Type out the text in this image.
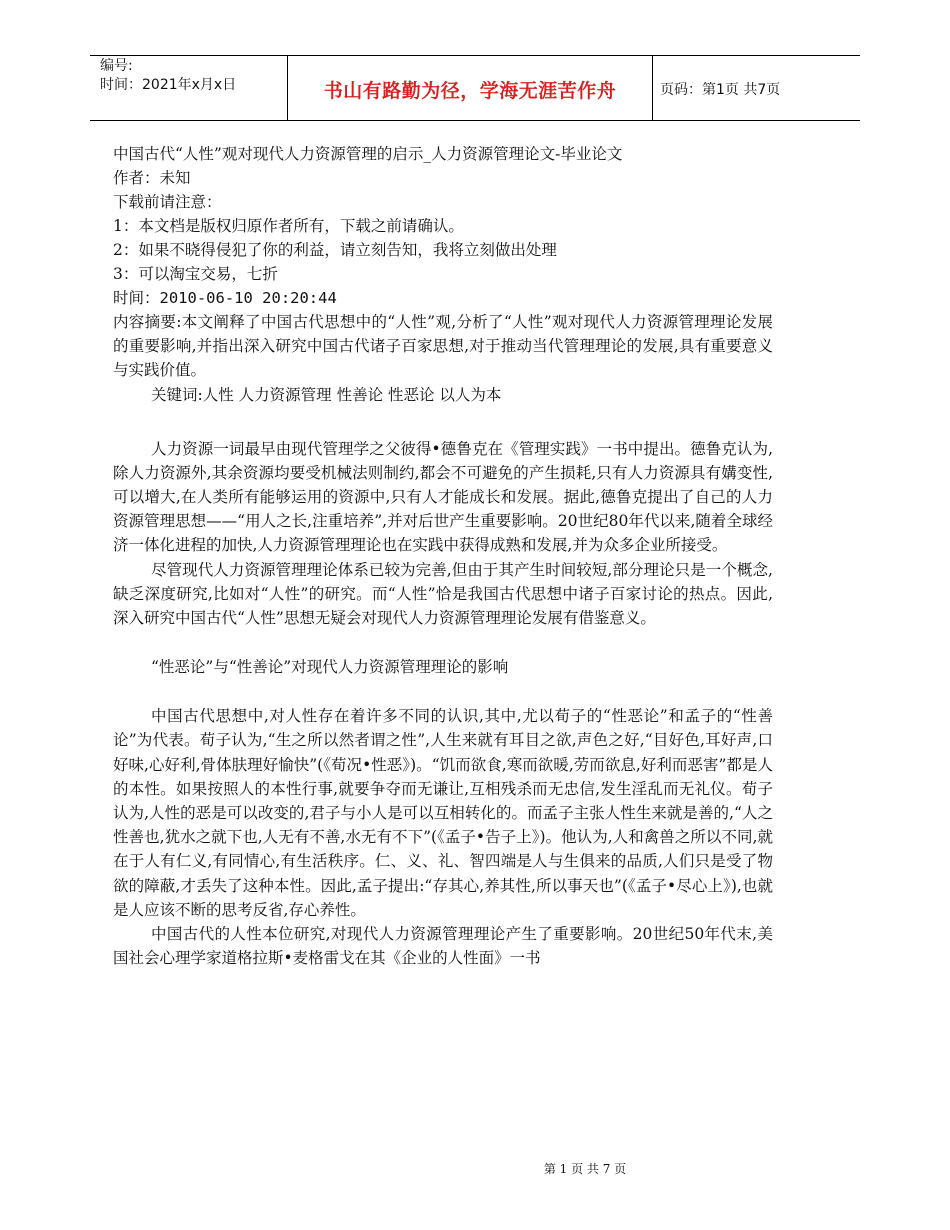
编号:
时间：2021年x月x日	书山有路勤为径，学海无涯苦作舟	页码：第1页 共7页
中国古代“人性”观对现代人力资源管理的启示_人力资源管理论文-毕业论文
作者：未知
下载前请注意：
1：本文档是版权归原作者所有，下载之前请确认。
2：如果不晓得侵犯了你的利益，请立刻告知，我将立刻做出处理
3：可以淘宝交易，七折
时间：2010-06-10 20:20:44

内容摘要:本文阐释了中国古代思想中的“人性”观,分析了“人性”观对现代人力资源管理理论发展的重要影响,并指出深入研究中国古代诸子百家思想,对于推动当代管理理论的发展,具有重要意义与实践价值。

关键词:人性 人力资源管理 性善论 性恶论 以人为本

人力资源一词最早由现代管理学之父彼得•德鲁克在《管理实践》一书中提出。德鲁克认为,除人力资源外,其余资源均要受机械法则制约,都会不可避免的产生损耗,只有人力资源具有媾变性,可以增大,在人类所有能够运用的资源中,只有人才能成长和发展。据此,德鲁克提出了自己的人力资源管理思想——“用人之长,注重培养”,并对后世产生重要影响。20世纪80年代以来,随着全球经济一体化进程的加快,人力资源管理理论也在实践中获得成熟和发展,并为众多企业所接受。

尽管现代人力资源管理理论体系已较为完善,但由于其产生时间较短,部分理论只是一个概念,缺乏深度研究,比如对“人性”的研究。而“人性”恰是我国古代思想中诸子百家讨论的热点。因此,深入研究中国古代“人性”思想无疑会对现代人力资源管理理论发展有借鉴意义。

“性恶论”与“性善论”对现代人力资源管理理论的影响

中国古代思想中,对人性存在着许多不同的认识,其中,尤以荀子的“性恶论”和孟子的“性善论”为代表。荀子认为,“生之所以然者谓之性”,人生来就有耳目之欲,声色之好,“目好色,耳好声,口好味,心好利,骨体肤理好愉快”(《荀况•性恶》)。“饥而欲食,寒而欲暖,劳而欲息,好利而恶害”都是人的本性。如果按照人的本性行事,就要争夺而无谦让,互相残杀而无忠信,发生淫乱而无礼仪。荀子认为,人性的恶是可以改变的,君子与小人是可以互相转化的。而孟子主张人性生来就是善的,“人之性善也,犹水之就下也,人无有不善,水无有不下”(《孟子•告子上》)。他认为,人和禽兽之所以不同,就在于人有仁义,有同情心,有生活秩序。仁、义、礼、智四端是人与生俱来的品质,人们只是受了物欲的障蔽,才丢失了这种本性。因此,孟子提出:“存其心,养其性,所以事天也”(《孟子•尽心上》),也就是人应该不断的思考反省,存心养性。

中国古代的人性本位研究,对现代人力资源管理理论产生了重要影响。20世纪50年代末,美国社会心理学家道格拉斯•麦格雷戈在其《企业的人性面》一书

第 1 页 共 7 页
